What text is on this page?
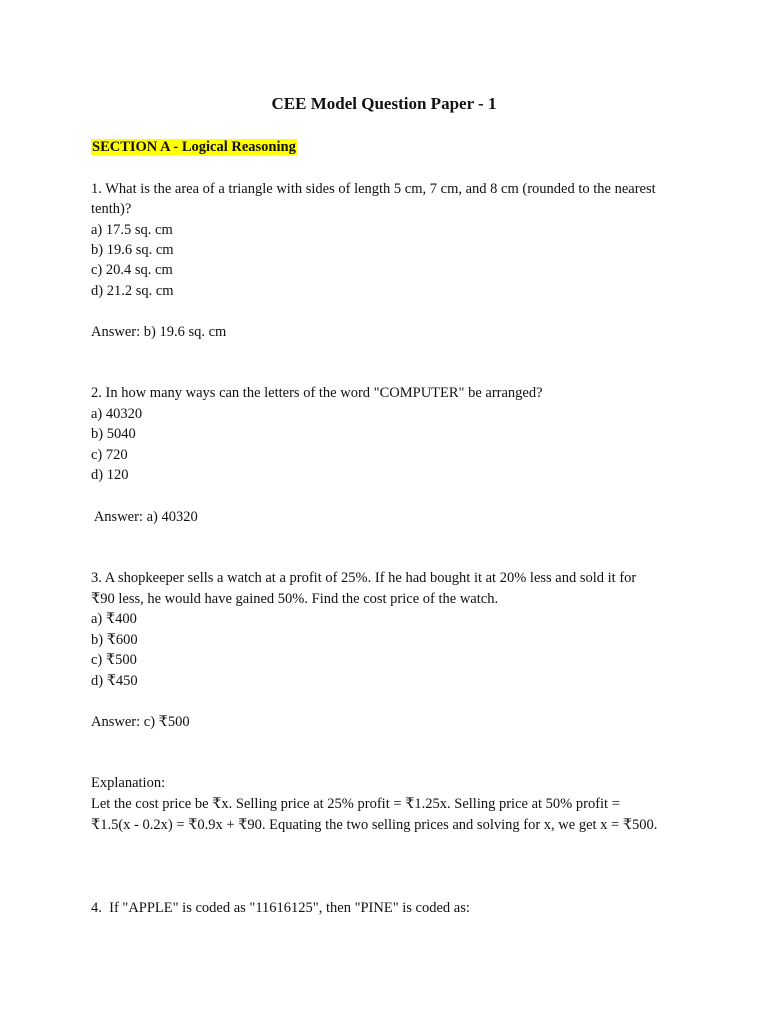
CEE Model Question Paper - 1
SECTION A - Logical Reasoning
1. What is the area of a triangle with sides of length 5 cm, 7 cm, and 8 cm (rounded to the nearest
tenth)?
a) 17.5 sq. cm
b) 19.6 sq. cm
c) 20.4 sq. cm
d) 21.2 sq. cm
Answer: b) 19.6 sq. cm
2. In how many ways can the letters of the word "COMPUTER" be arranged?
a) 40320
b) 5040
c) 720
d) 120
Answer: a) 40320
3. A shopkeeper sells a watch at a profit of 25%. If he had bought it at 20% less and sold it for
₹90 less, he would have gained 50%. Find the cost price of the watch.
a) ₹400
b) ₹600
c) ₹500
d) ₹450
Answer: c) ₹500
Explanation:
Let the cost price be ₹x. Selling price at 25% profit = ₹1.25x. Selling price at 50% profit =
₹1.5(x - 0.2x) = ₹0.9x + ₹90. Equating the two selling prices and solving for x, we get x = ₹500.
4.  If "APPLE" is coded as "11616125", then "PINE" is coded as:
